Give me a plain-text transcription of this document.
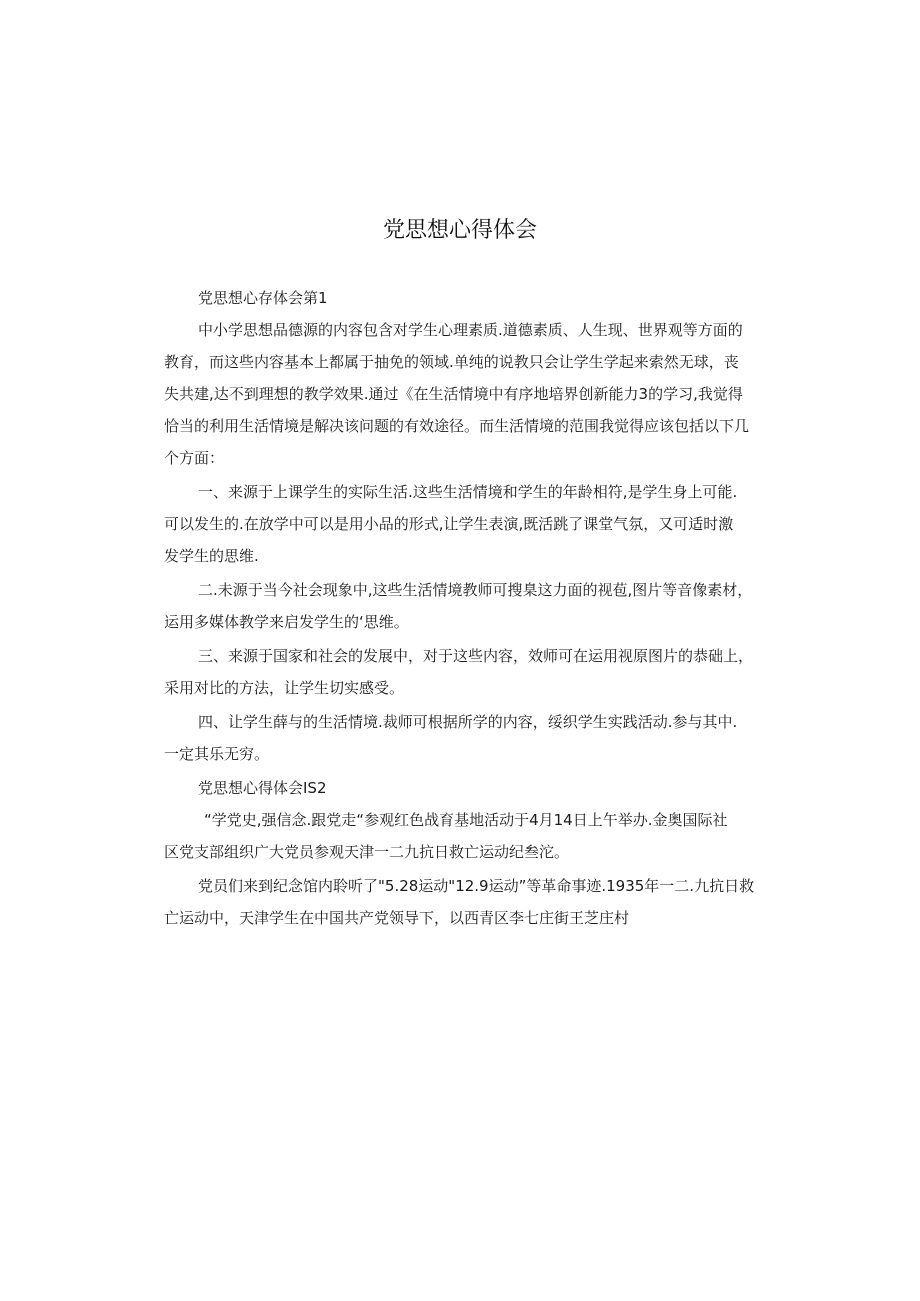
党思想心得体会
党思想心存体会第1
中小学思想品德源的内容包含对学生心理素质.道德素质、人生现、世界观等方面的
教育，而这些内容基本上都属于抽免的领域.单纯的说教只会让学生学起来索然无球，丧
失共建,达不到理想的教学效果.通过《在生活情境中有序地培界创新能力3的学习,我觉得
恰当的利用生活情境是解决该问题的有效途径。而生活情境的范围我觉得应该包括以下几
个方面：
一、来源于上课学生的实际生活.这些生活情境和学生的年龄相符,是学生身上可能.
可以发生的.在放学中可以是用小品的形式,让学生表演,既活跳了课堂气氛，又可适时激
发学生的思维.
二.未源于当今社会现象中,这些生活情境教师可搜臬这力面的视苞,图片等音像素材，
运用多媒体教学来启发学生的‘思维。
三、来源于国家和社会的发展中，对于这些内容，效师可在运用视原图片的恭础上，
采用对比的方法，让学生切实感受。
四、让学生薛与的生活情境.裁师可根据所学的内容，绥织学生实践活动.参与其中.
一定其乐无穷。
党思想心得体会IS2
“学党史,强信念.跟党走“参观红色战育基地活动于4月14日上午举办.金奥国际社
区党支部组织广大党员参观天津一二九抗日救亡运动纪叁沱。
党员们来到纪念馆内聆听了"5.28运动"12.9运动”等革命事迹.1935年一二.九抗日救
亡运动中，天津学生在中国共产党领导下，以西青区李七庄街王芝庄村
